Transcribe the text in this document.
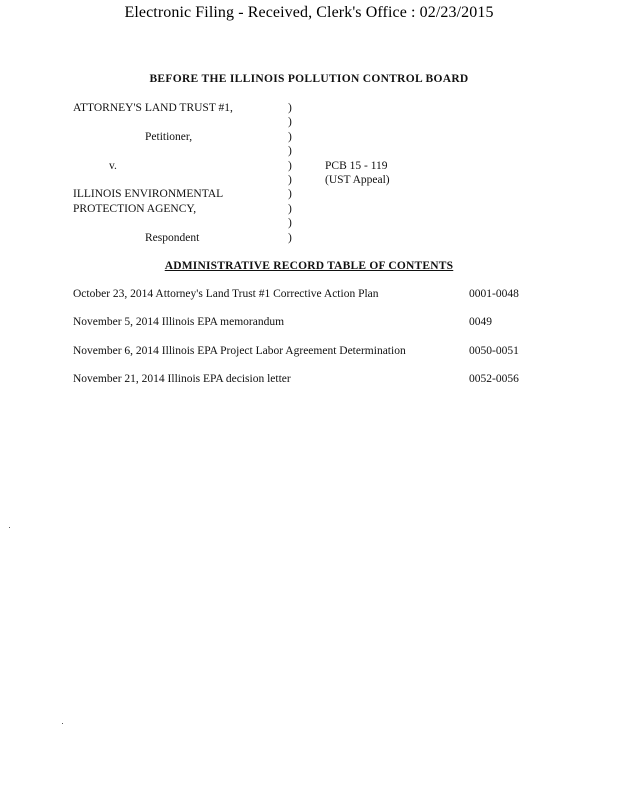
Electronic Filing - Received, Clerk's Office : 02/23/2015
BEFORE THE ILLINOIS POLLUTION CONTROL BOARD
ATTORNEY'S LAND TRUST #1,
Petitioner,
v.
ILLINOIS ENVIRONMENTAL
PROTECTION AGENCY,
Respondent
)
)
)
)
)
)
)
)
)
)
PCB 15 - 119
(UST Appeal)
ADMINISTRATIVE RECORD TABLE OF CONTENTS
October 23, 2014 Attorney's Land Trust #1 Corrective Action Plan	0001-0048
November 5, 2014 Illinois EPA memorandum	0049
November 6, 2014 Illinois EPA Project Labor Agreement Determination	0050-0051
November 21, 2014 Illinois EPA decision letter	0052-0056
